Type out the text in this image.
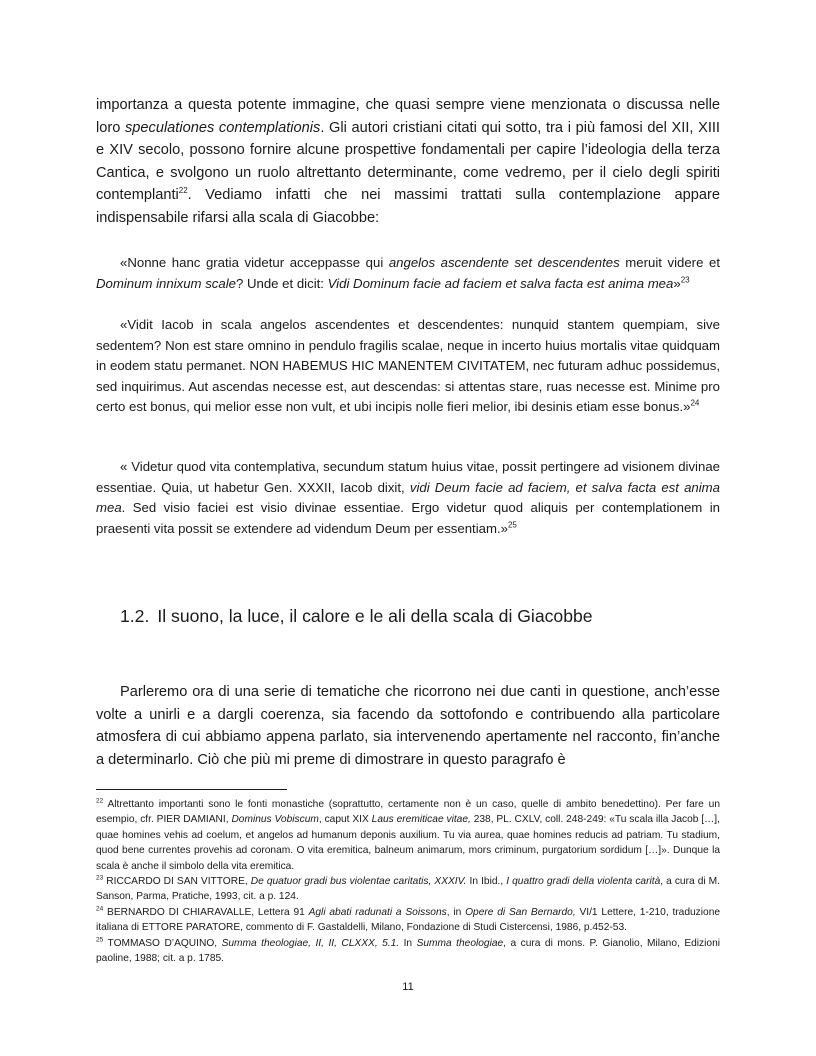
importanza a questa potente immagine, che quasi sempre viene menzionata o discussa nelle loro speculationes contemplationis. Gli autori cristiani citati qui sotto, tra i più famosi del XII, XIII e XIV secolo, possono fornire alcune prospettive fondamentali per capire l’ideologia della terza Cantica, e svolgono un ruolo altrettanto determinante, come vedremo, per il cielo degli spiriti contemplanti$^{22}$. Vediamo infatti che nei massimi trattati sulla contemplazione appare indispensabile rifarsi alla scala di Giacobbe:

«Nonne hanc gratia videtur acceppasse qui angelos ascendente set descendentes meruit videre et Dominum innixum scale? Unde et dicit: Vidi Dominum facie ad faciem et salva facta est anima mea»$^{23}$

«Vidit Iacob in scala angelos ascendentes et descendentes: nunquid stantem quempiam, sive sedentem? Non est stare omnino in pendulo fragilis scalae, neque in incerto huius mortalis vitae quidquam in eodem statu permanet. NON HABEMUS HIC MANENTEM CIVITATEM, nec futuram adhuc possidemus, sed inquirimus. Aut ascendas necesse est, aut descendas: si attentas stare, ruas necesse est. Minime pro certo est bonus, qui melior esse non vult, et ubi incipis nolle fieri melior, ibi desinis etiam esse bonus.»$^{24}$

« Videtur quod vita contemplativa, secundum statum huius vitae, possit pertingere ad visionem divinae essentiae. Quia, ut habetur Gen. XXXII, Iacob dixit, vidi Deum facie ad faciem, et salva facta est anima mea. Sed visio faciei est visio divinae essentiae. Ergo videtur quod aliquis per contemplationem in praesenti vita possit se extendere ad videndum Deum per essentiam.»$^{25}$

1.2. Il suono, la luce, il calore e le ali della scala di Giacobbe

Parleremo ora di una serie di tematiche che ricorrono nei due canti in questione, anch’esse volte a unirli e a dargli coerenza, sia facendo da sottofondo e contribuendo alla particolare atmosfera di cui abbiamo appena parlato, sia intervenendo apertamente nel racconto, fin’anche a determinarlo. Ciò che più mi preme di dimostrare in questo paragrafo è

$^{22}$ Altrettanto importanti sono le fonti monastiche (soprattutto, certamente non è un caso, quelle di ambito benedettino). Per fare un esempio, cfr. PIER DAMIANI, Dominus Vobiscum, caput XIX Laus eremiticae vitae, 238, PL. CXLV, coll. 248-249: «Tu scala illa Jacob […], quae homines vehis ad coelum, et angelos ad humanum deponis auxilium. Tu via aurea, quae homines reducis ad patriam. Tu stadium, quod bene currentes provehis ad coronam. O vita eremitica, balneum animarum, mors criminum, purgatorium sordidum […]». Dunque la scala è anche il simbolo della vita eremitica.

$^{23}$ RICCARDO DI SAN VITTORE, De quatuor gradi bus violentae caritatis, XXXIV. In Ibid., I quattro gradi della violenta carità, a cura di M. Sanson, Parma, Pratiche, 1993, cit. a p. 124.

$^{24}$ BERNARDO DI CHIARAVALLE, Lettera 91 Agli abati radunati a Soissons, in Opere di San Bernardo, VI/1 Lettere, 1-210, traduzione italiana di ETTORE PARATORE, commento di F. Gastaldelli, Milano, Fondazione di Studi Cistercensi, 1986, p.452-53.

$^{25}$ TOMMASO D’AQUINO, Summa theologiae, II, II, CLXXX, 5.1. In Summa theologiae, a cura di mons. P. Gianolio, Milano, Edizioni paoline, 1988; cit. a p. 1785.

11
